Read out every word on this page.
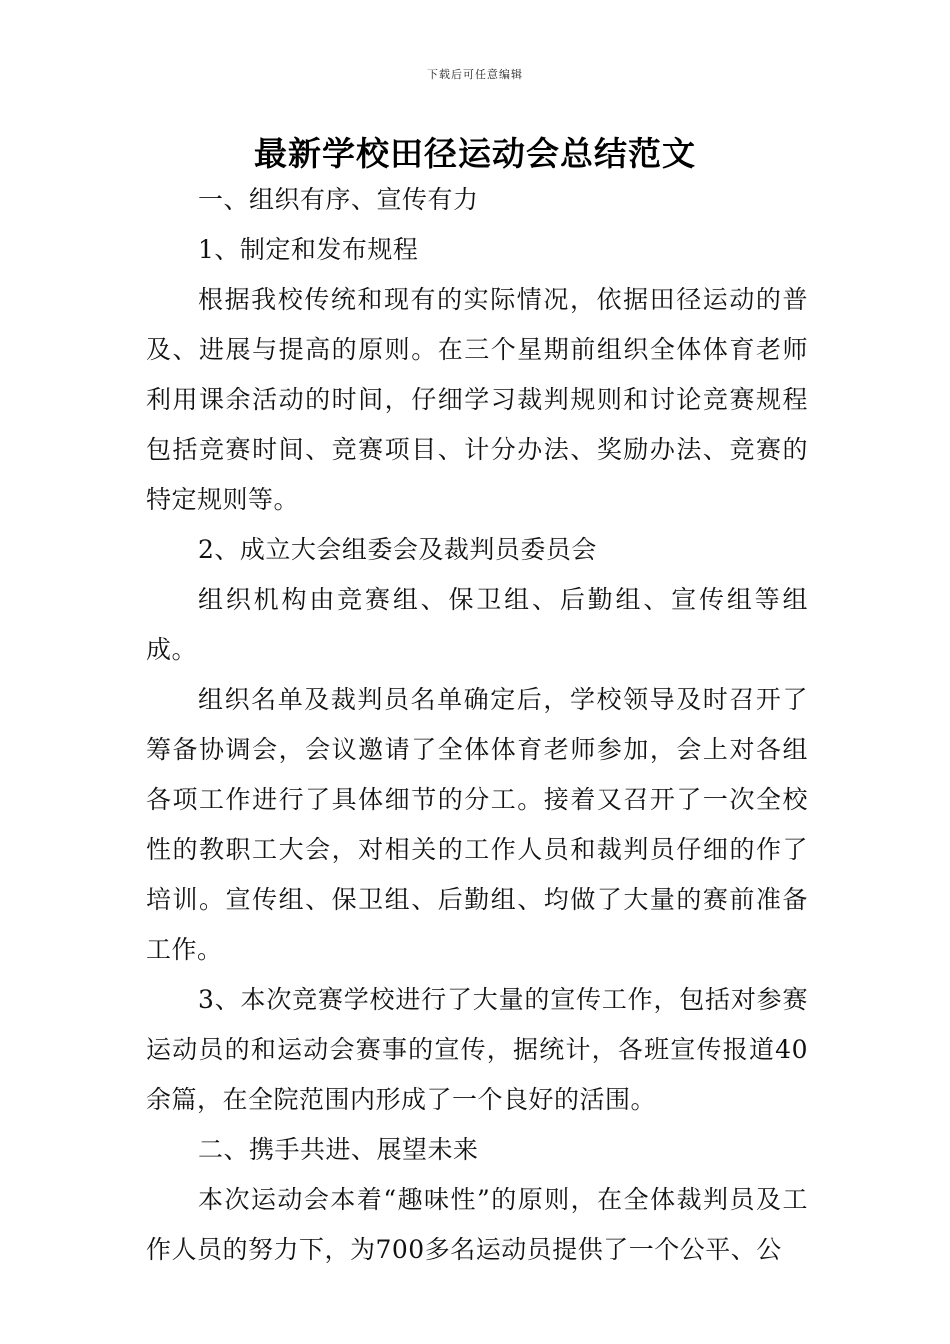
下载后可任意编辑
最新学校田径运动会总结范文

一、组织有序、宣传有力

1、制定和发布规程

根据我校传统和现有的实际情况，依据田径运动的普及、进展与提高的原则。在三个星期前组织全体体育老师利用课余活动的时间，仔细学习裁判规则和讨论竞赛规程包括竞赛时间、竞赛项目、计分办法、奖励办法、竞赛的特定规则等。

2、成立大会组委会及裁判员委员会

组织机构由竞赛组、保卫组、后勤组、宣传组等组成。

组织名单及裁判员名单确定后，学校领导及时召开了筹备协调会，会议邀请了全体体育老师参加，会上对各组各项工作进行了具体细节的分工。接着又召开了一次全校性的教职工大会，对相关的工作人员和裁判员仔细的作了培训。宣传组、保卫组、后勤组、均做了大量的赛前准备工作。

3、本次竞赛学校进行了大量的宣传工作，包括对参赛运动员的和运动会赛事的宣传，据统计，各班宣传报道40余篇，在全院范围内形成了一个良好的活围。

二、携手共进、展望未来

本次运动会本着“趣味性”的原则，在全体裁判员及工作人员的努力下，为700多名运动员提供了一个公平、公
